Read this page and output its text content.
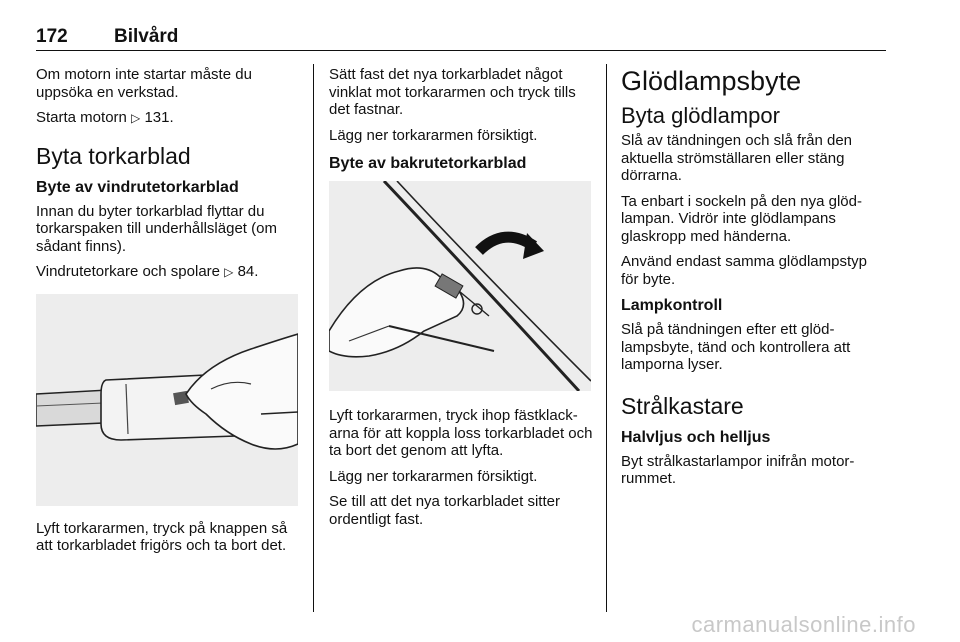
172 Bilvård

Om motorn inte startar måste du uppsöka en verkstad.

Starta motorn ▷ 131.

Byta torkarblad
Byte av vindrutetorkarblad

Innan du byter torkarblad flyttar du torkarspaken till underhållsläget (om sådant finns).

Vindrutetorkare och spolare ▷ 84.

Lyft torkararmen, tryck på knappen så att torkarbladet frigörs och ta bort det.

Sätt fast det nya torkarbladet något vinklat mot torkararmen och tryck tills det fastnar.

Lägg ner torkararmen försiktigt.

Byte av bakrutetorkarblad

Lyft torkararmen, tryck ihop fästklackarna för att koppla loss torkarbladet och ta bort det genom att lyfta.

Lägg ner torkararmen försiktigt.

Se till att det nya torkarbladet sitter ordentligt fast.

Glödlampsbyte
Byta glödlampor

Slå av tändningen och slå från den aktuella strömställaren eller stäng dörrarna.

Ta enbart i sockeln på den nya glödlampan. Vidrör inte glödlampans glaskropp med händerna.

Använd endast samma glödlampstyp för byte.

Lampkontroll

Slå på tändningen efter ett glödlampsbyte, tänd och kontrollera att lamporna lyser.

Strålkastare
Halvljus och helljus

Byt strålkastarlampor inifrån motorrummet.

carmanualsonline.info
